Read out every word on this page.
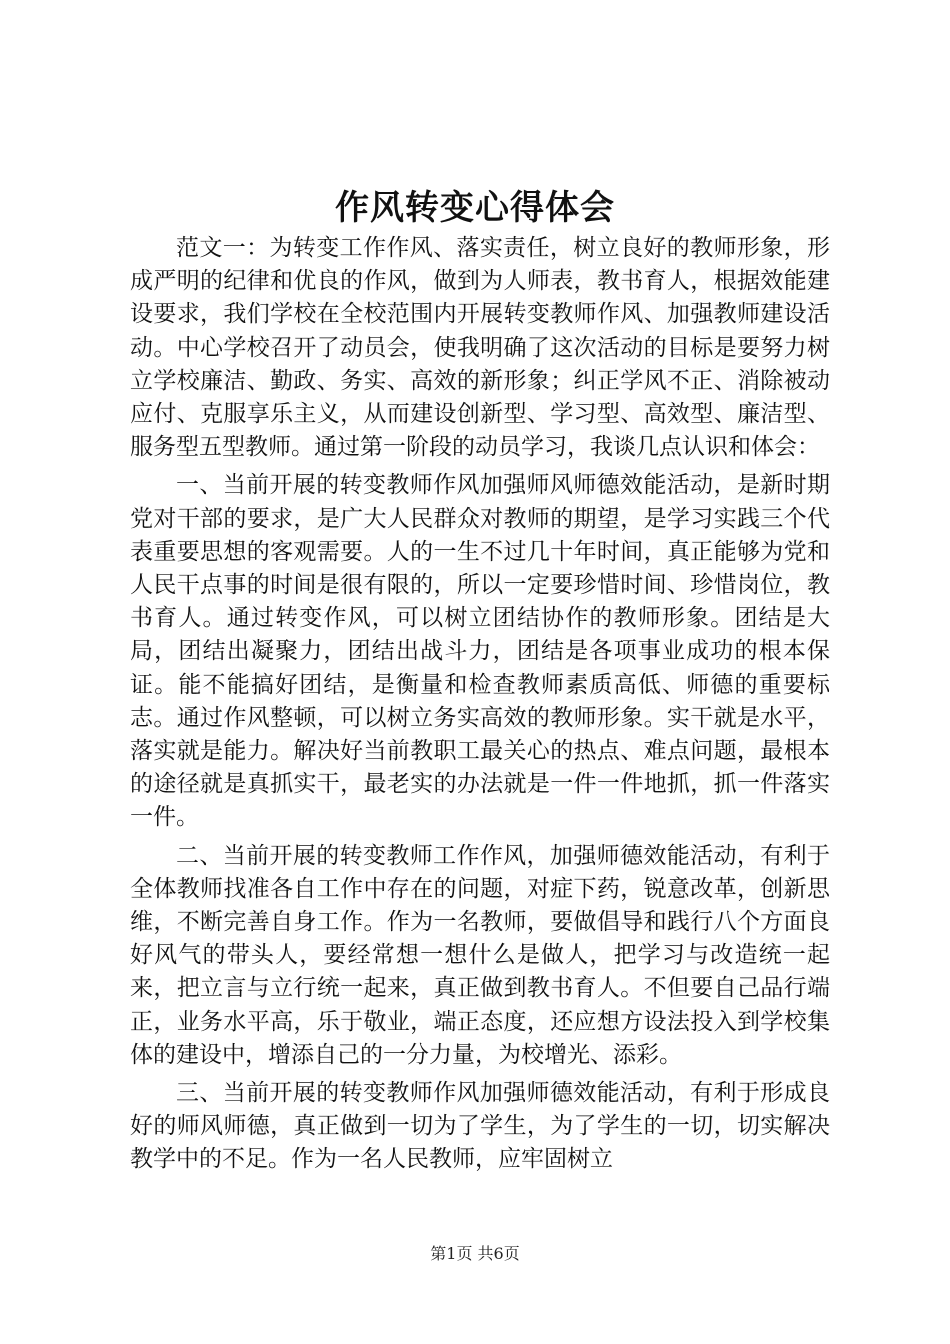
作风转变心得体会

范文一：为转变工作作风、落实责任，树立良好的教师形象，形成严明的纪律和优良的作风，做到为人师表，教书育人，根据效能建设要求，我们学校在全校范围内开展转变教师作风、加强教师建设活动。中心学校召开了动员会，使我明确了这次活动的目标是要努力树立学校廉洁、勤政、务实、高效的新形象；纠正学风不正、消除被动应付、克服享乐主义，从而建设创新型、学习型、高效型、廉洁型、服务型五型教师。通过第一阶段的动员学习，我谈几点认识和体会：

一、当前开展的转变教师作风加强师风师德效能活动，是新时期党对干部的要求，是广大人民群众对教师的期望，是学习实践三个代表重要思想的客观需要。人的一生不过几十年时间，真正能够为党和人民干点事的时间是很有限的，所以一定要珍惜时间、珍惜岗位，教书育人。通过转变作风，可以树立团结协作的教师形象。团结是大局，团结出凝聚力，团结出战斗力，团结是各项事业成功的根本保证。能不能搞好团结，是衡量和检查教师素质高低、师德的重要标志。通过作风整顿，可以树立务实高效的教师形象。实干就是水平，落实就是能力。解决好当前教职工最关心的热点、难点问题，最根本的途径就是真抓实干，最老实的办法就是一件一件地抓，抓一件落实一件。

二、当前开展的转变教师工作作风，加强师德效能活动，有利于全体教师找准各自工作中存在的问题，对症下药，锐意改革，创新思维，不断完善自身工作。作为一名教师，要做倡导和践行八个方面良好风气的带头人，要经常想一想什么是做人，把学习与改造统一起来，把立言与立行统一起来，真正做到教书育人。不但要自己品行端正，业务水平高，乐于敬业，端正态度，还应想方设法投入到学校集体的建设中，增添自己的一分力量，为校增光、添彩。

三、当前开展的转变教师作风加强师德效能活动，有利于形成良好的师风师德，真正做到一切为了学生，为了学生的一切，切实解决教学中的不足。作为一名人民教师，应牢固树立

第1页 共6页
